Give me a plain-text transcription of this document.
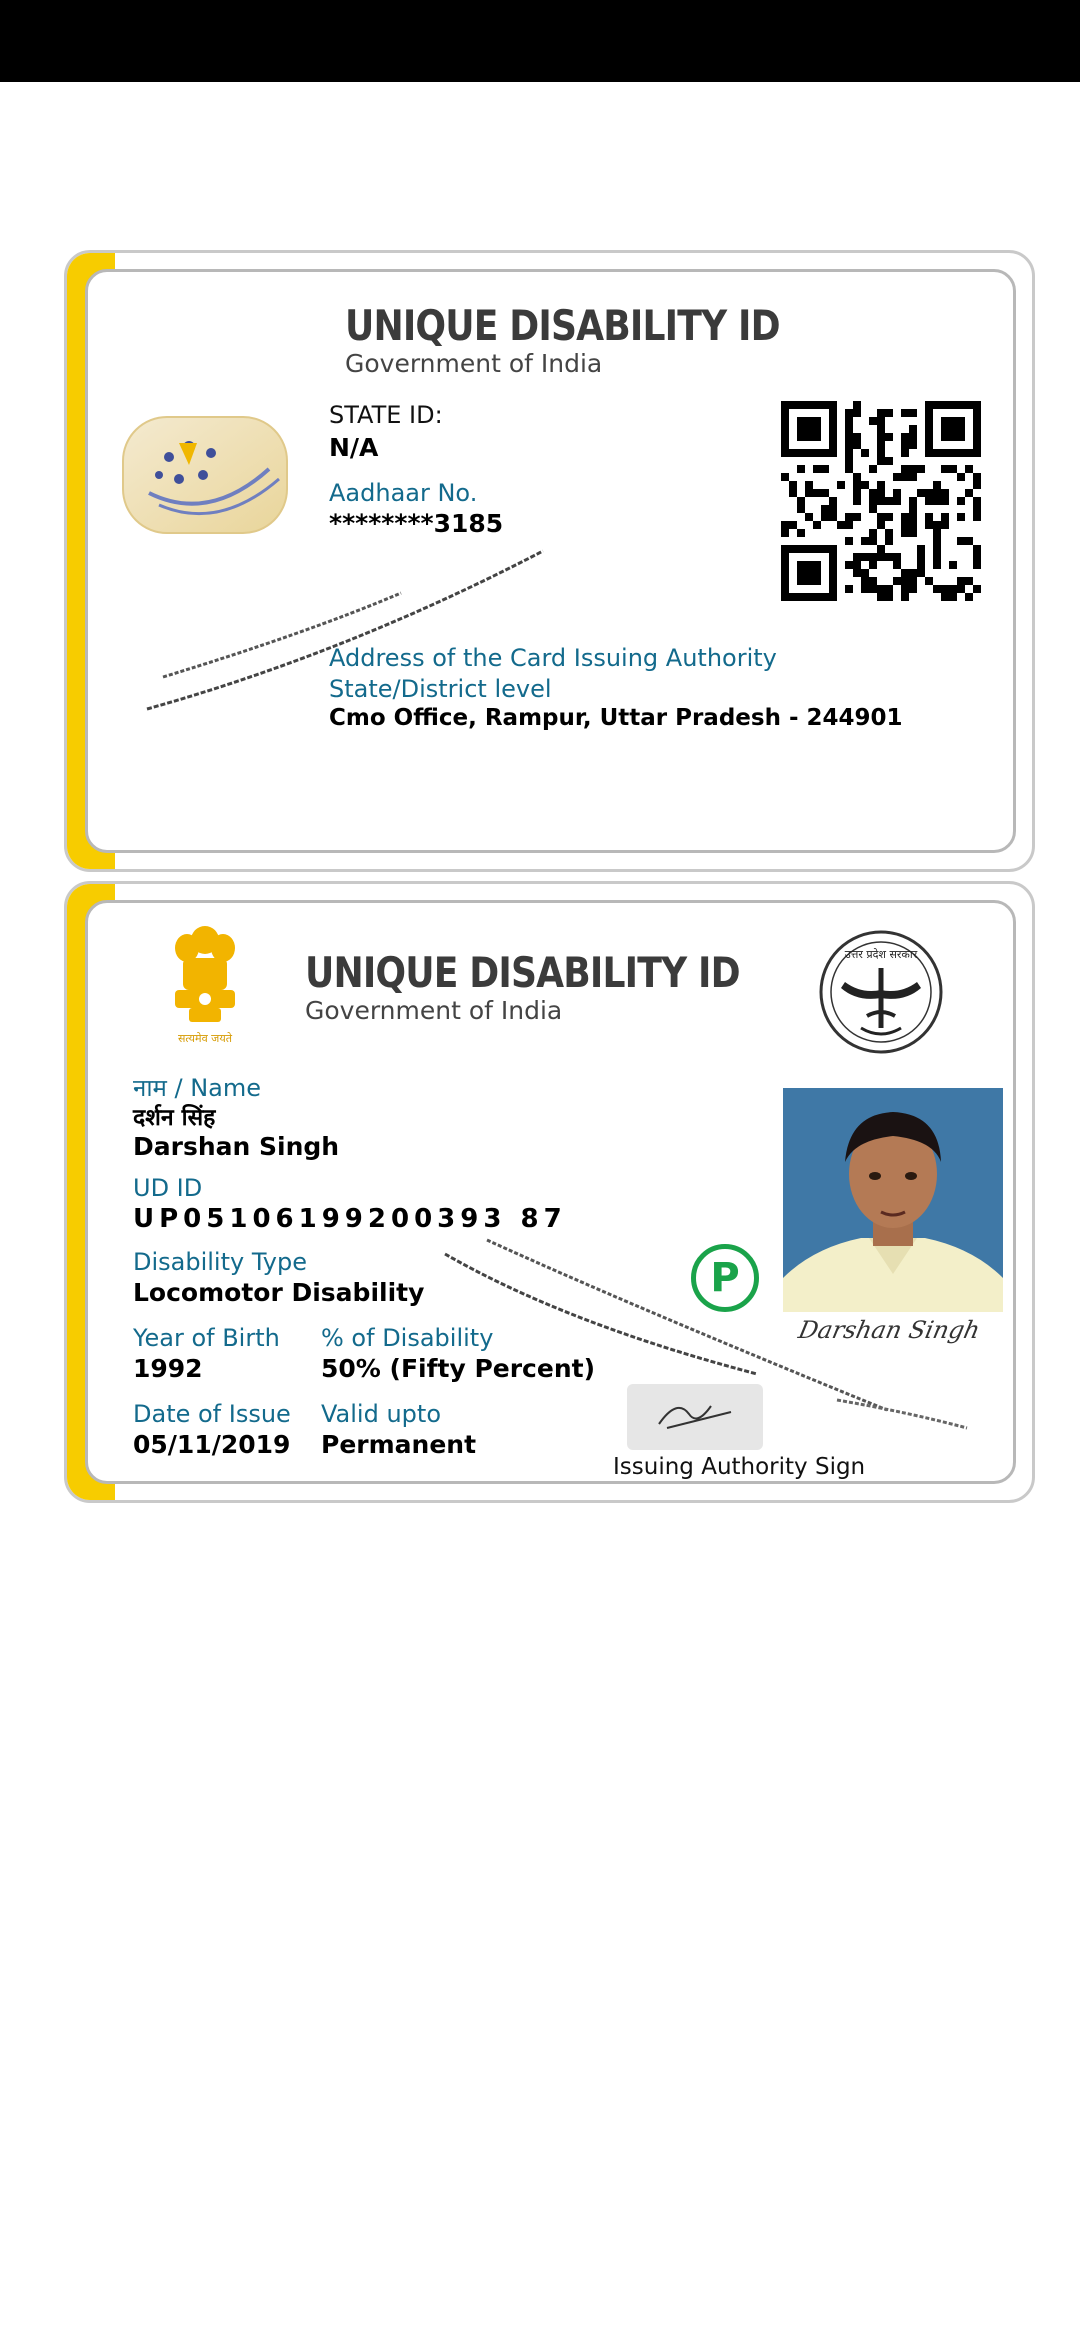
UNIQUE DISABILITY ID
Government of India
STATE ID:
N/A
Aadhaar No.
********3185
Address of the Card Issuing Authority State/District level
Cmo Office, Rampur, Uttar Pradesh - 244901
सत्यमेव जयते
UNIQUE DISABILITY ID
Government of India
उत्तर प्रदेश सरकार
नाम / Name
दर्शन सिंह
Darshan Singh
UD ID
UP05106199200393 87
Disability Type
Locomotor Disability
Year of Birth
1992
% of Disability
50% (Fifty Percent)
Date of Issue
05/11/2019
Valid upto
Permanent
P
Darshan Singh
Issuing Authority Sign
